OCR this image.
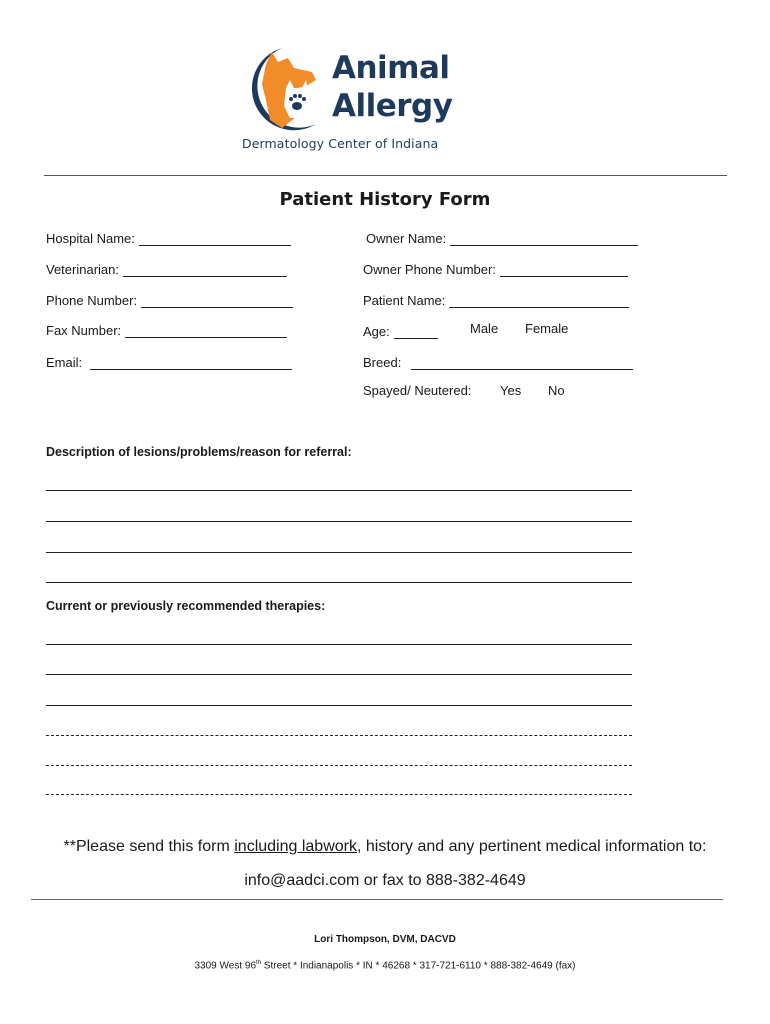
Animal
Allergy
Dermatology Center of Indiana
Patient History Form
Hospital Name:
Veterinarian:
Phone Number:
Fax Number:
Email:
Owner Name:
Owner Phone Number:
Patient Name:
Age:	Male Female
Breed:
Spayed/ Neutered: Yes No
Description of lesions/problems/reason for referral:
Current or previously recommended therapies:
**Please send this form including labwork, history and any pertinent medical information to:
info@aadci.com or fax to 888-382-4649
Lori Thompson, DVM, DACVD
3309 West 96th Street * Indianapolis * IN * 46268 * 317-721-6110 * 888-382-4649 (fax)
